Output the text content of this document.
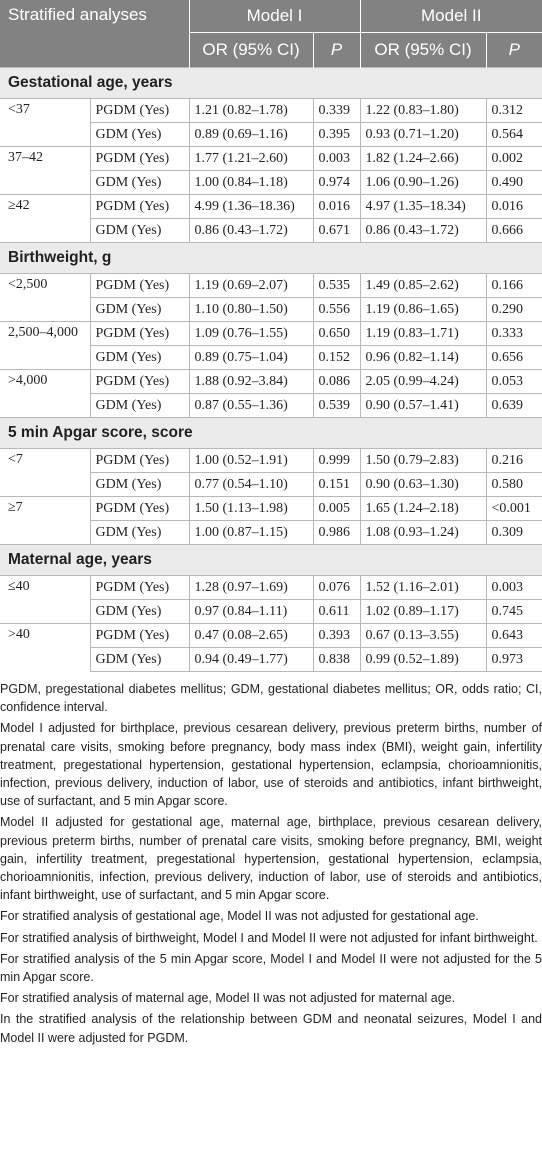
Stratified analyses		Model I		Model II	
		OR (95% CI)	P	OR (95% CI)	P
Gestational age, years					
<37	PGDM (Yes)	1.21 (0.82–1.78)	0.339	1.22 (0.83–1.80)	0.312
	GDM (Yes)	0.89 (0.69–1.16)	0.395	0.93 (0.71–1.20)	0.564
37–42	PGDM (Yes)	1.77 (1.21–2.60)	0.003	1.82 (1.24–2.66)	0.002
	GDM (Yes)	1.00 (0.84–1.18)	0.974	1.06 (0.90–1.26)	0.490
≥42	PGDM (Yes)	4.99 (1.36–18.36)	0.016	4.97 (1.35–18.34)	0.016
	GDM (Yes)	0.86 (0.43–1.72)	0.671	0.86 (0.43–1.72)	0.666
Birthweight, g					
<2,500	PGDM (Yes)	1.19 (0.69–2.07)	0.535	1.49 (0.85–2.62)	0.166
	GDM (Yes)	1.10 (0.80–1.50)	0.556	1.19 (0.86–1.65)	0.290
2,500–4,000	PGDM (Yes)	1.09 (0.76–1.55)	0.650	1.19 (0.83–1.71)	0.333
	GDM (Yes)	0.89 (0.75–1.04)	0.152	0.96 (0.82–1.14)	0.656
>4,000	PGDM (Yes)	1.88 (0.92–3.84)	0.086	2.05 (0.99–4.24)	0.053
	GDM (Yes)	0.87 (0.55–1.36)	0.539	0.90 (0.57–1.41)	0.639
5 min Apgar score, score					
<7	PGDM (Yes)	1.00 (0.52–1.91)	0.999	1.50 (0.79–2.83)	0.216
	GDM (Yes)	0.77 (0.54–1.10)	0.151	0.90 (0.63–1.30)	0.580
≥7	PGDM (Yes)	1.50 (1.13–1.98)	0.005	1.65 (1.24–2.18)	<0.001
	GDM (Yes)	1.00 (0.87–1.15)	0.986	1.08 (0.93–1.24)	0.309
Maternal age, years					
≤40	PGDM (Yes)	1.28 (0.97–1.69)	0.076	1.52 (1.16–2.01)	0.003
	GDM (Yes)	0.97 (0.84–1.11)	0.611	1.02 (0.89–1.17)	0.745
>40	PGDM (Yes)	0.47 (0.08–2.65)	0.393	0.67 (0.13–3.55)	0.643
	GDM (Yes)	0.94 (0.49–1.77)	0.838	0.99 (0.52–1.89)	0.973

PGDM, pregestational diabetes mellitus; GDM, gestational diabetes mellitus; OR, odds ratio; CI, confidence interval.

Model I adjusted for birthplace, previous cesarean delivery, previous preterm births, number of prenatal care visits, smoking before pregnancy, body mass index (BMI), weight gain, infertility treatment, pregestational hypertension, gestational hypertension, eclampsia, chorioamnionitis, infection, previous delivery, induction of labor, use of steroids and antibiotics, infant birthweight, use of surfactant, and 5 min Apgar score.

Model II adjusted for gestational age, maternal age, birthplace, previous cesarean delivery, previous preterm births, number of prenatal care visits, smoking before pregnancy, BMI, weight gain, infertility treatment, pregestational hypertension, gestational hypertension, eclampsia, chorioamnionitis, infection, previous delivery, induction of labor, use of steroids and antibiotics, infant birthweight, use of surfactant, and 5 min Apgar score.

For stratified analysis of gestational age, Model II was not adjusted for gestational age.

For stratified analysis of birthweight, Model I and Model II were not adjusted for infant birthweight.

For stratified analysis of the 5 min Apgar score, Model I and Model II were not adjusted for the 5 min Apgar score.

For stratified analysis of maternal age, Model II was not adjusted for maternal age.

In the stratified analysis of the relationship between GDM and neonatal seizures, Model I and Model II were adjusted for PGDM.
